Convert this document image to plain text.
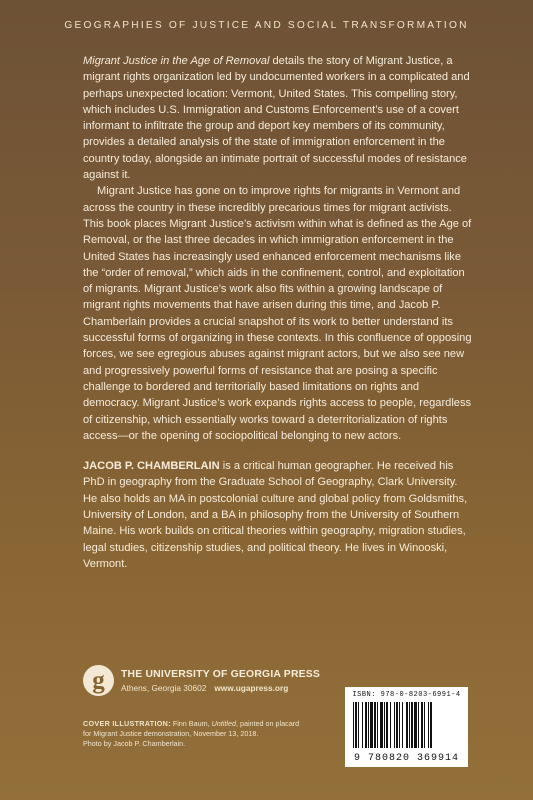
GEOGRAPHIES OF JUSTICE AND SOCIAL TRANSFORMATION

Migrant Justice in the Age of Removal details the story of Migrant Justice, a migrant rights organization led by undocumented workers in a complicated and perhaps unexpected location: Vermont, United States. This compelling story, which includes U.S. Immigration and Customs Enforcement’s use of a covert informant to infiltrate the group and deport key members of its community, provides a detailed analysis of the state of immigration enforcement in the country today, alongside an intimate portrait of successful modes of resistance against it.

Migrant Justice has gone on to improve rights for migrants in Vermont and across the country in these incredibly precarious times for migrant activists. This book places Migrant Justice’s activism within what is defined as the Age of Removal, or the last three decades in which immigration enforcement in the United States has increasingly used enhanced enforcement mechanisms like the “order of removal,” which aids in the confinement, control, and exploitation of migrants. Migrant Justice’s work also fits within a growing landscape of migrant rights movements that have arisen during this time, and Jacob P. Chamberlain provides a crucial snapshot of its work to better understand its successful forms of organizing in these contexts. In this confluence of opposing forces, we see egregious abuses against migrant actors, but we also see new and progressively powerful forms of resistance that are posing a specific challenge to bordered and territorially based limitations on rights and democracy. Migrant Justice’s work expands rights access to people, regardless of citizenship, which essentially works toward a deterritorialization of rights access—or the opening of sociopolitical belonging to new actors.

JACOB P. CHAMBERLAIN is a critical human geographer. He received his PhD in geography from the Graduate School of Geography, Clark University. He also holds an MA in postcolonial culture and global policy from Goldsmiths, University of London, and a BA in philosophy from the University of Southern Maine. His work builds on critical theories within geography, migration studies, legal studies, citizenship studies, and political theory. He lives in Winooski, Vermont.

g	THE UNIVERSITY OF GEORGIA PRESS
Athens, Georgia 30602 www.ugapress.org
COVER ILLUSTRATION: Finn Baum, Untitled, painted on placard
for Migrant Justice demonstration, November 13, 2018.
Photo by Jacob P. Chamberlain.
ISBN: 978-0-8203-6991-4
9 780820 369914
